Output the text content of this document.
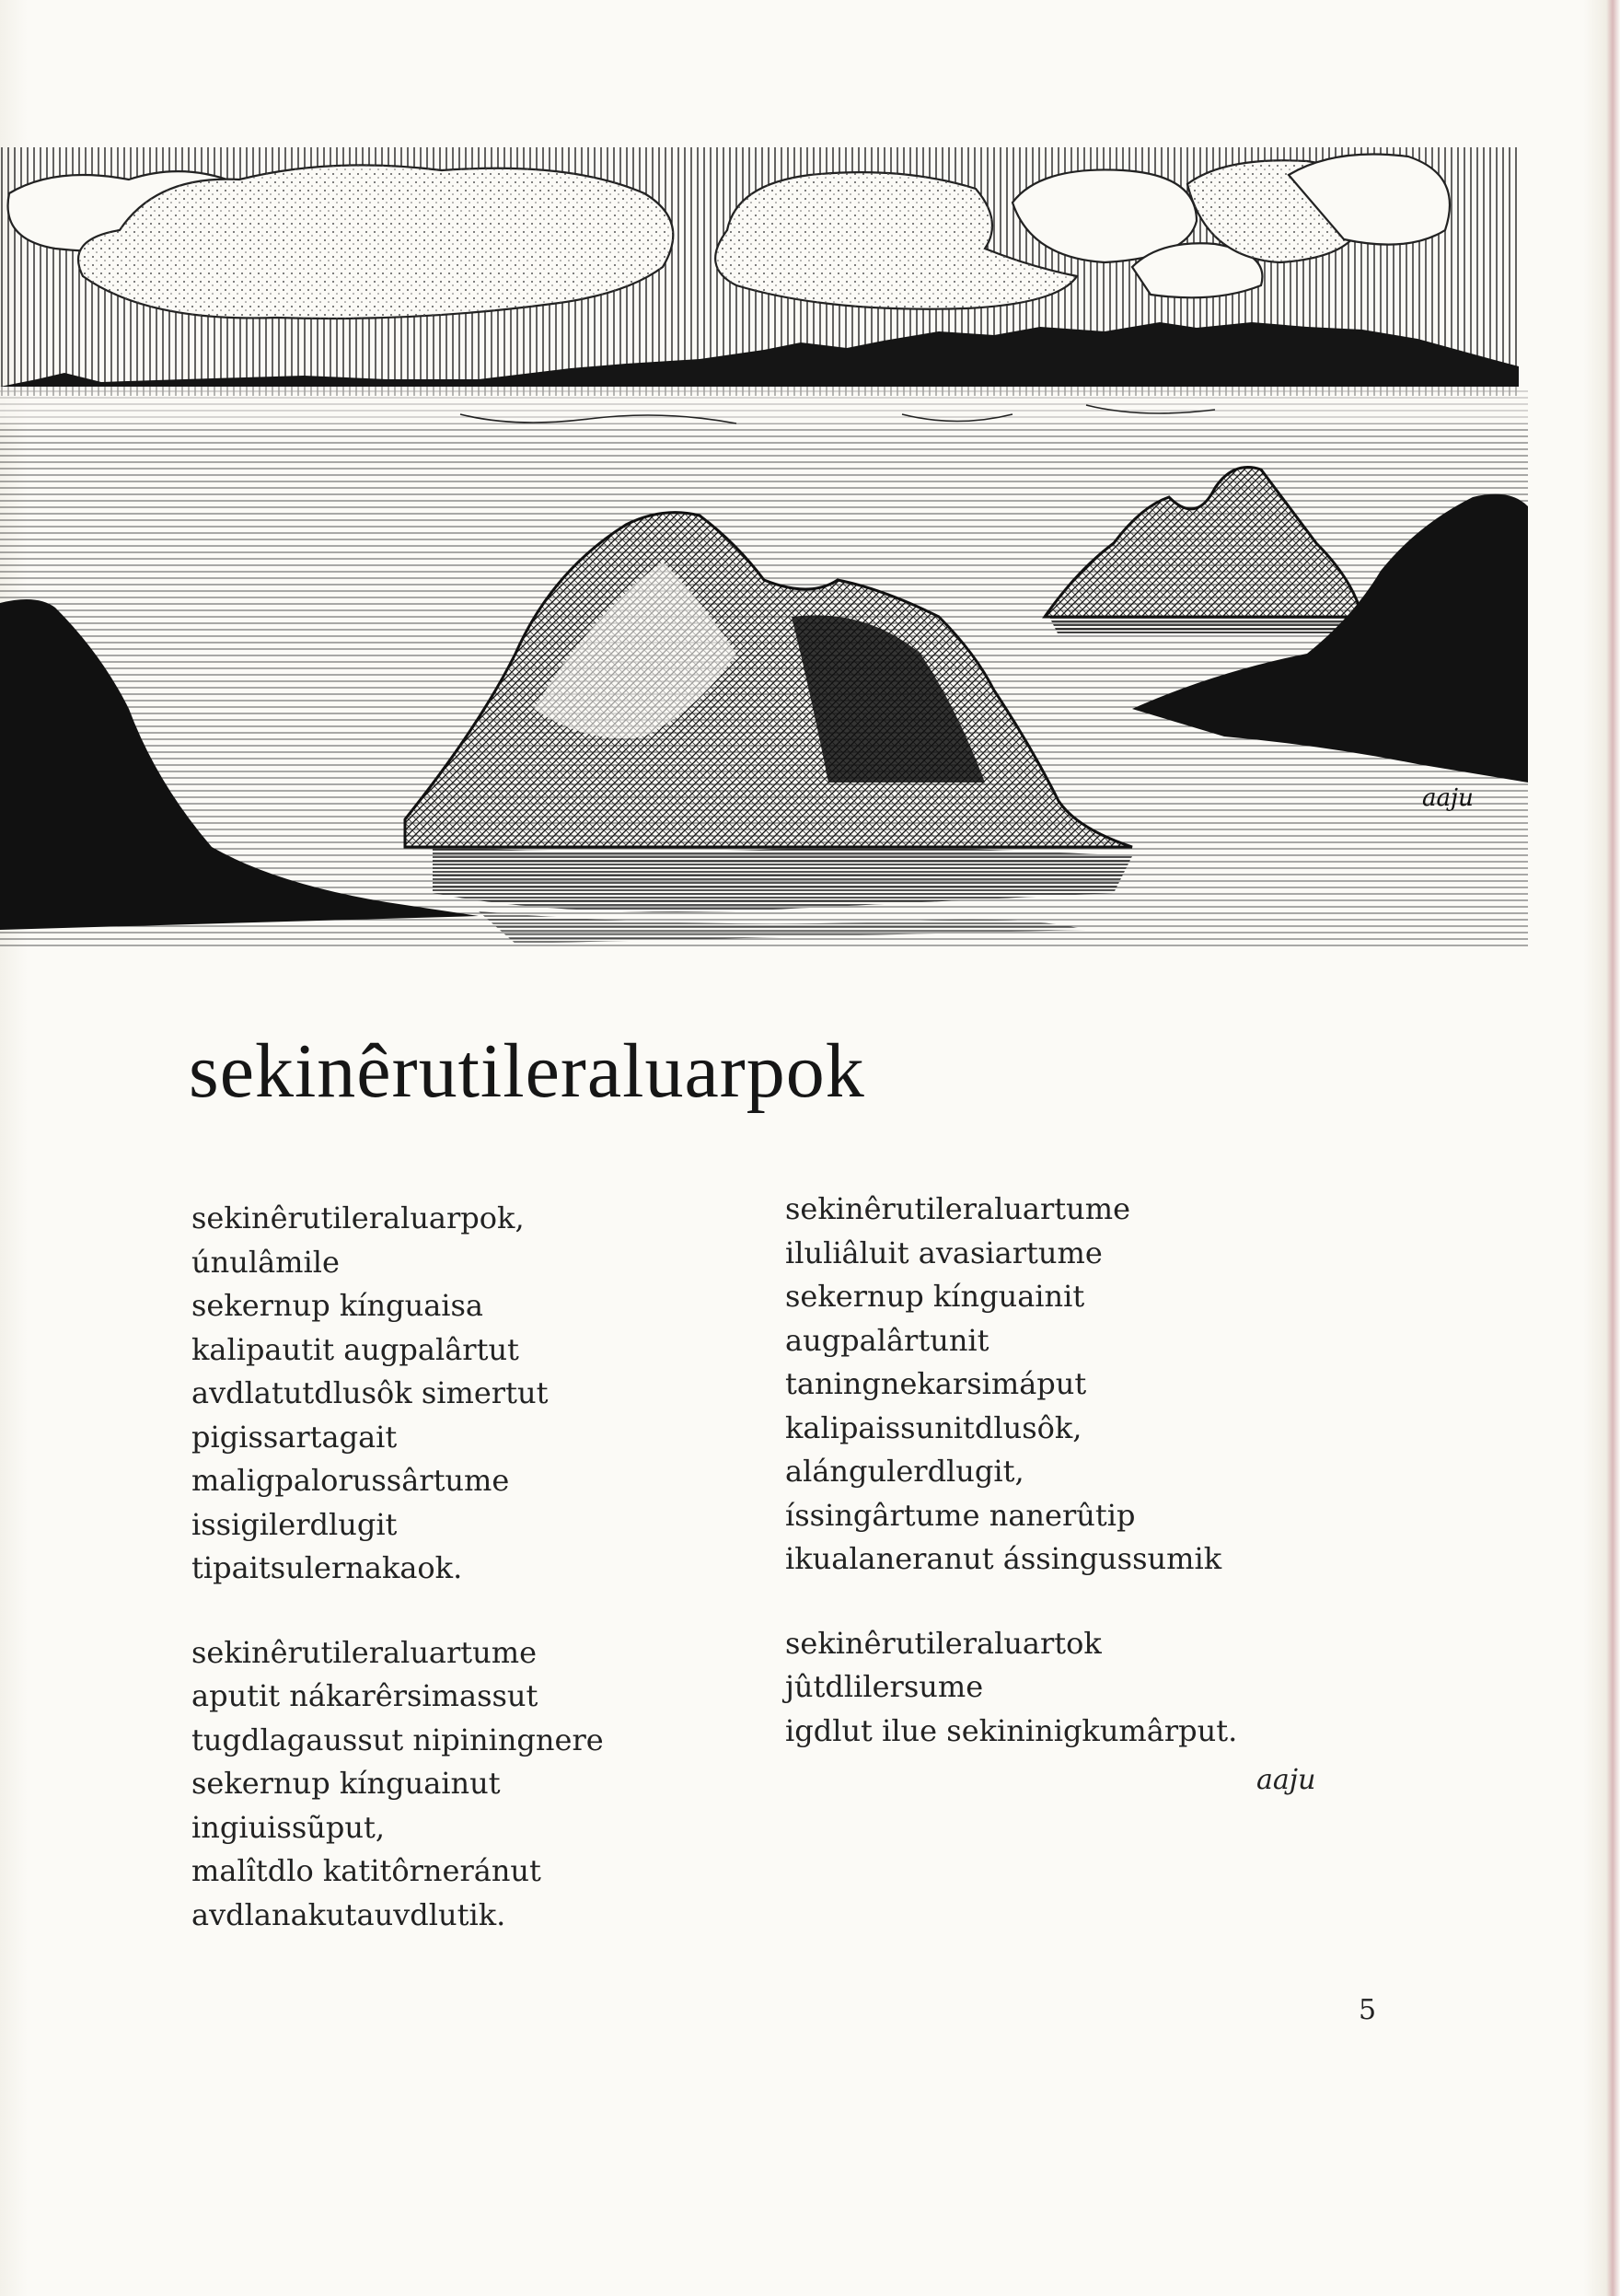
aaju
sekinêrutileraluarpok
sekinêrutileraluarpok,
únulâmile
sekernup kínguaisa
kalipautit augpalârtut
avdlatutdlusôk simertut
pigissartagait
maligpalorussârtume
issigilerdlugit
tipaitsulernakaok.
sekinêrutileraluartume
aputit nákarêrsimassut
tugdlagaussut nipiningnere
sekernup kínguainut
ingiuissũput,
malîtdlo katitôrneránut
avdlanakutauvdlutik.
sekinêrutileraluartume
iluliâluit avasiartume
sekernup kínguainit
augpalârtunit
taningnekarsimáput
kalipaissunitdlusôk,
alángulerdlugit,
íssingârtume nanerûtip
ikualaneranut ássingussumik
sekinêrutileraluartok
jûtdlilersume
igdlut ilue sekininigkumârput.
aaju
5
